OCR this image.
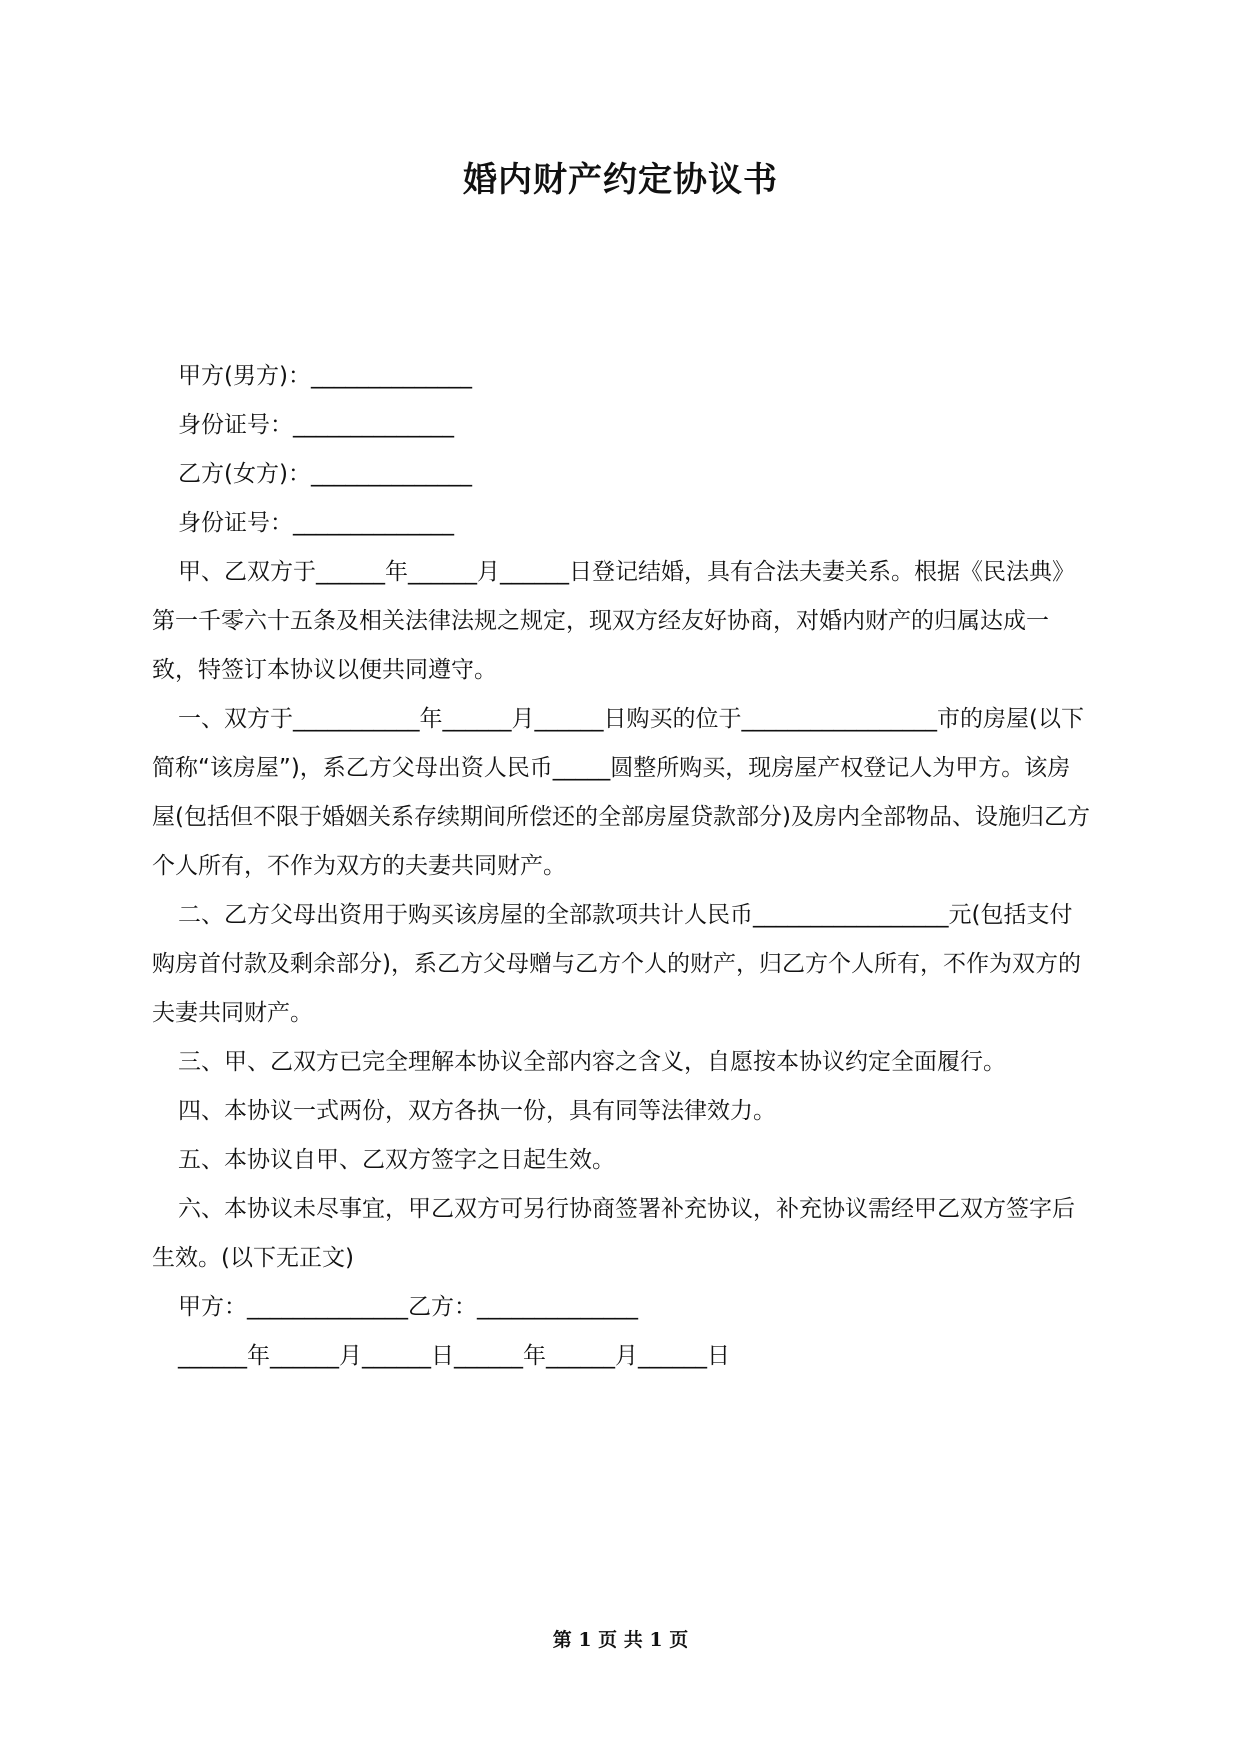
婚内财产约定协议书

甲方(男方)：______________

身份证号：______________

乙方(女方)：______________

身份证号：______________

甲、乙双方于______年______月______日登记结婚，具有合法夫妻关系。根据《民法典》第一千零六十五条及相关法律法规之规定，现双方经友好协商，对婚内财产的归属达成一致，特签订本协议以便共同遵守。

一、双方于___________年______月______日购买的位于_________________市的房屋(以下简称“该房屋”)，系乙方父母出资人民币_____圆整所购买，现房屋产权登记人为甲方。该房屋(包括但不限于婚姻关系存续期间所偿还的全部房屋贷款部分)及房内全部物品、设施归乙方个人所有，不作为双方的夫妻共同财产。

二、乙方父母出资用于购买该房屋的全部款项共计人民币_________________元(包括支付购房首付款及剩余部分)，系乙方父母赠与乙方个人的财产，归乙方个人所有，不作为双方的夫妻共同财产。

三、甲、乙双方已完全理解本协议全部内容之含义，自愿按本协议约定全面履行。

四、本协议一式两份，双方各执一份，具有同等法律效力。

五、本协议自甲、乙双方签字之日起生效。

六、本协议未尽事宜，甲乙双方可另行协商签署补充协议，补充协议需经甲乙双方签字后生效。(以下无正文)

甲方：______________乙方：______________

______年______月______日______年______月______日

第 1 页 共 1 页
